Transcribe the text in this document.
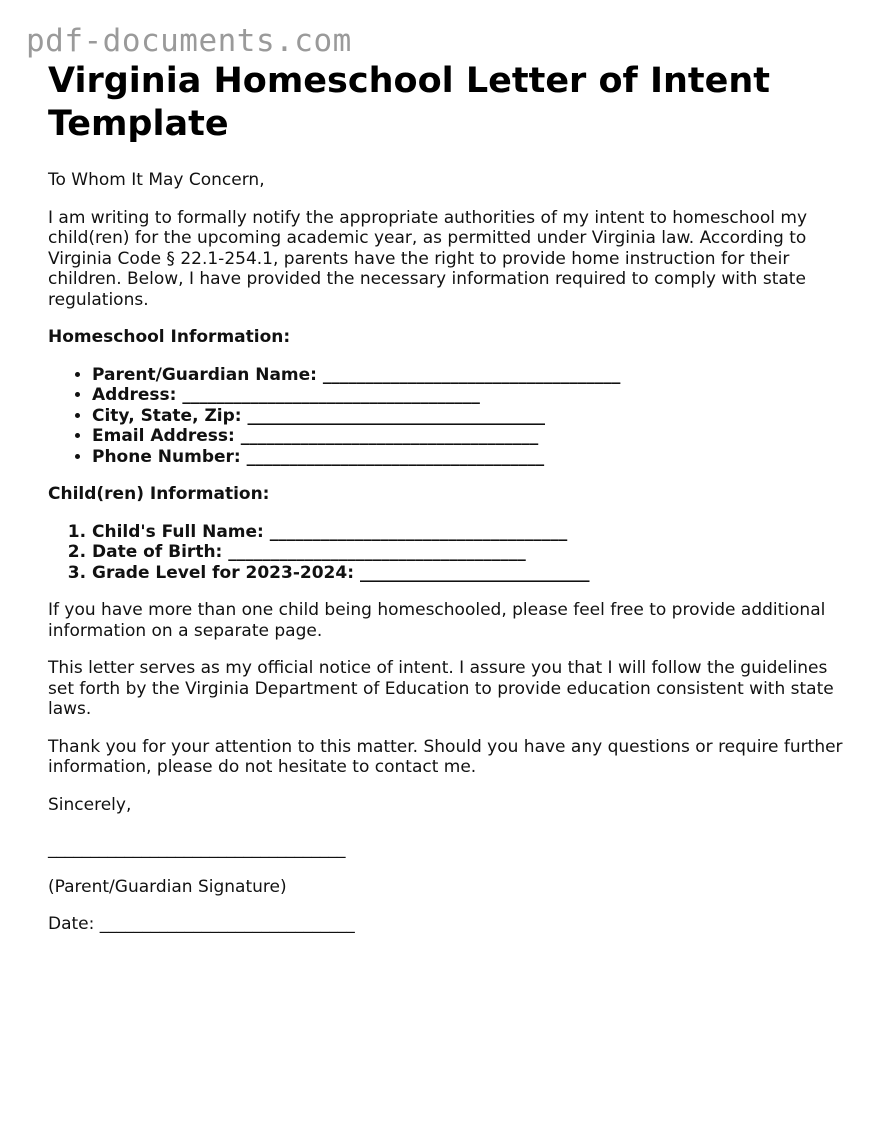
pdf-documents.com
Virginia Homeschool Letter of Intent Template

To Whom It May Concern,

I am writing to formally notify the appropriate authorities of my intent to homeschool my child(ren) for the upcoming academic year, as permitted under Virginia law. According to Virginia Code § 22.1-254.1, parents have the right to provide home instruction for their children. Below, I have provided the necessary information required to comply with state regulations.

Homeschool Information:

• Parent/Guardian Name: ___________________________________
• Address: ___________________________________
• City, State, Zip: ___________________________________
• Email Address: ___________________________________
• Phone Number: ___________________________________

Child(ren) Information:

1. Child's Full Name: ___________________________________
2. Date of Birth: ___________________________________
3. Grade Level for 2023-2024: ___________________________

If you have more than one child being homeschooled, please feel free to provide additional information on a separate page.

This letter serves as my official notice of intent. I assure you that I will follow the guidelines set forth by the Virginia Department of Education to provide education consistent with state laws.

Thank you for your attention to this matter. Should you have any questions or require further information, please do not hesitate to contact me.

Sincerely,

___________________________________

(Parent/Guardian Signature)

Date: ______________________________
